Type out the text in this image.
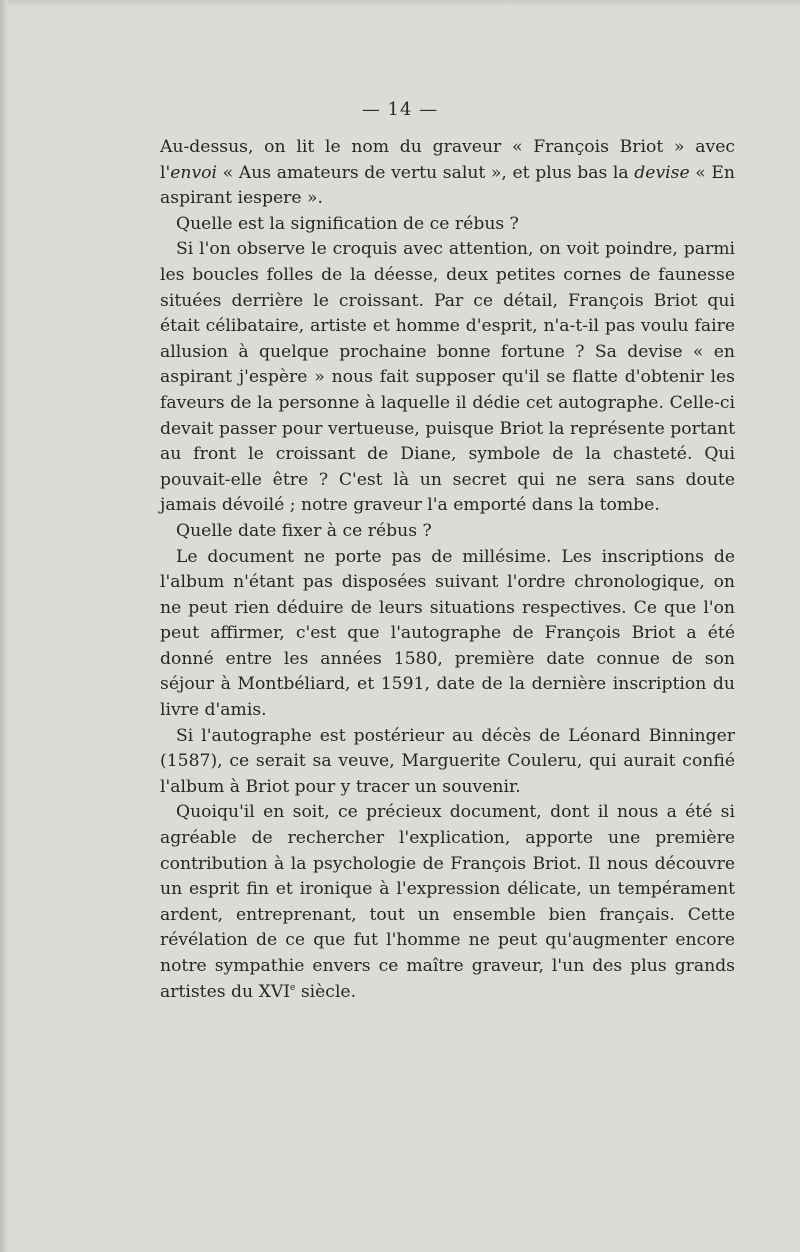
— 14 —

Au-dessus, on lit le nom du graveur « François Briot » avec l'envoi « Aus amateurs de vertu salut », et plus bas la devise « En aspirant iespere ».

Quelle est la signification de ce rébus ?

Si l'on observe le croquis avec attention, on voit poindre, parmi les boucles folles de la déesse, deux petites cornes de faunesse situées derrière le croissant. Par ce détail, François Briot qui était célibataire, artiste et homme d'esprit, n'a-t-il pas voulu faire allusion à quelque prochaine bonne fortune ? Sa devise « en aspirant j'espère » nous fait supposer qu'il se flatte d'obtenir les faveurs de la personne à laquelle il dédie cet autographe. Celle-ci devait passer pour vertueuse, puisque Briot la représente portant au front le croissant de Diane, symbole de la chasteté. Qui pouvait-elle être ? C'est là un secret qui ne sera sans doute jamais dévoilé ; notre graveur l'a emporté dans la tombe.

Quelle date fixer à ce rébus ?

Le document ne porte pas de millésime. Les inscriptions de l'album n'étant pas disposées suivant l'ordre chronologique, on ne peut rien déduire de leurs situations respectives. Ce que l'on peut affirmer, c'est que l'autographe de François Briot a été donné entre les années 1580, première date connue de son séjour à Montbéliard, et 1591, date de la dernière inscription du livre d'amis.

Si l'autographe est postérieur au décès de Léonard Binninger (1587), ce serait sa veuve, Marguerite Couleru, qui aurait confié l'album à Briot pour y tracer un souvenir.

Quoiqu'il en soit, ce précieux document, dont il nous a été si agréable de rechercher l'explication, apporte une première contribution à la psychologie de François Briot. Il nous découvre un esprit fin et ironique à l'expression délicate, un tempérament ardent, entreprenant, tout un ensemble bien français. Cette révélation de ce que fut l'homme ne peut qu'augmenter encore notre sympathie envers ce maître graveur, l'un des plus grands artistes du XVIe siècle.
